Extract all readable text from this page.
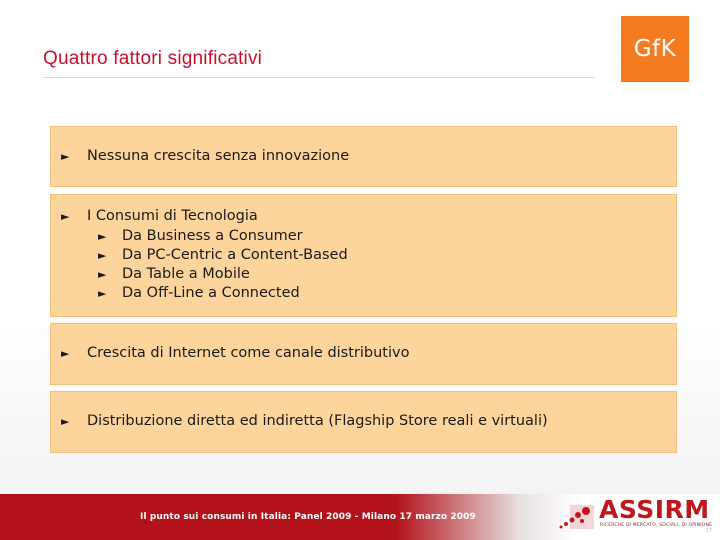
Quattro fattori significativi	GfK
►	Nessuna crescita senza innovazione
►	I Consumi di Tecnologia
►	Da Business a Consumer
►	Da PC-Centric a Content-Based
►	Da Table a Mobile
►	Da Off-Line a Connected
►	Crescita di Internet come canale distributivo
►	Distribuzione diretta ed indiretta (Flagship Store reali e virtuali)
Il punto sui consumi in Italia: Panel 2009 - Milano 17 marzo 2009	ASSIRM
RICERCHE DI MERCATO, SOCIALI, DI OPINIONE
17
